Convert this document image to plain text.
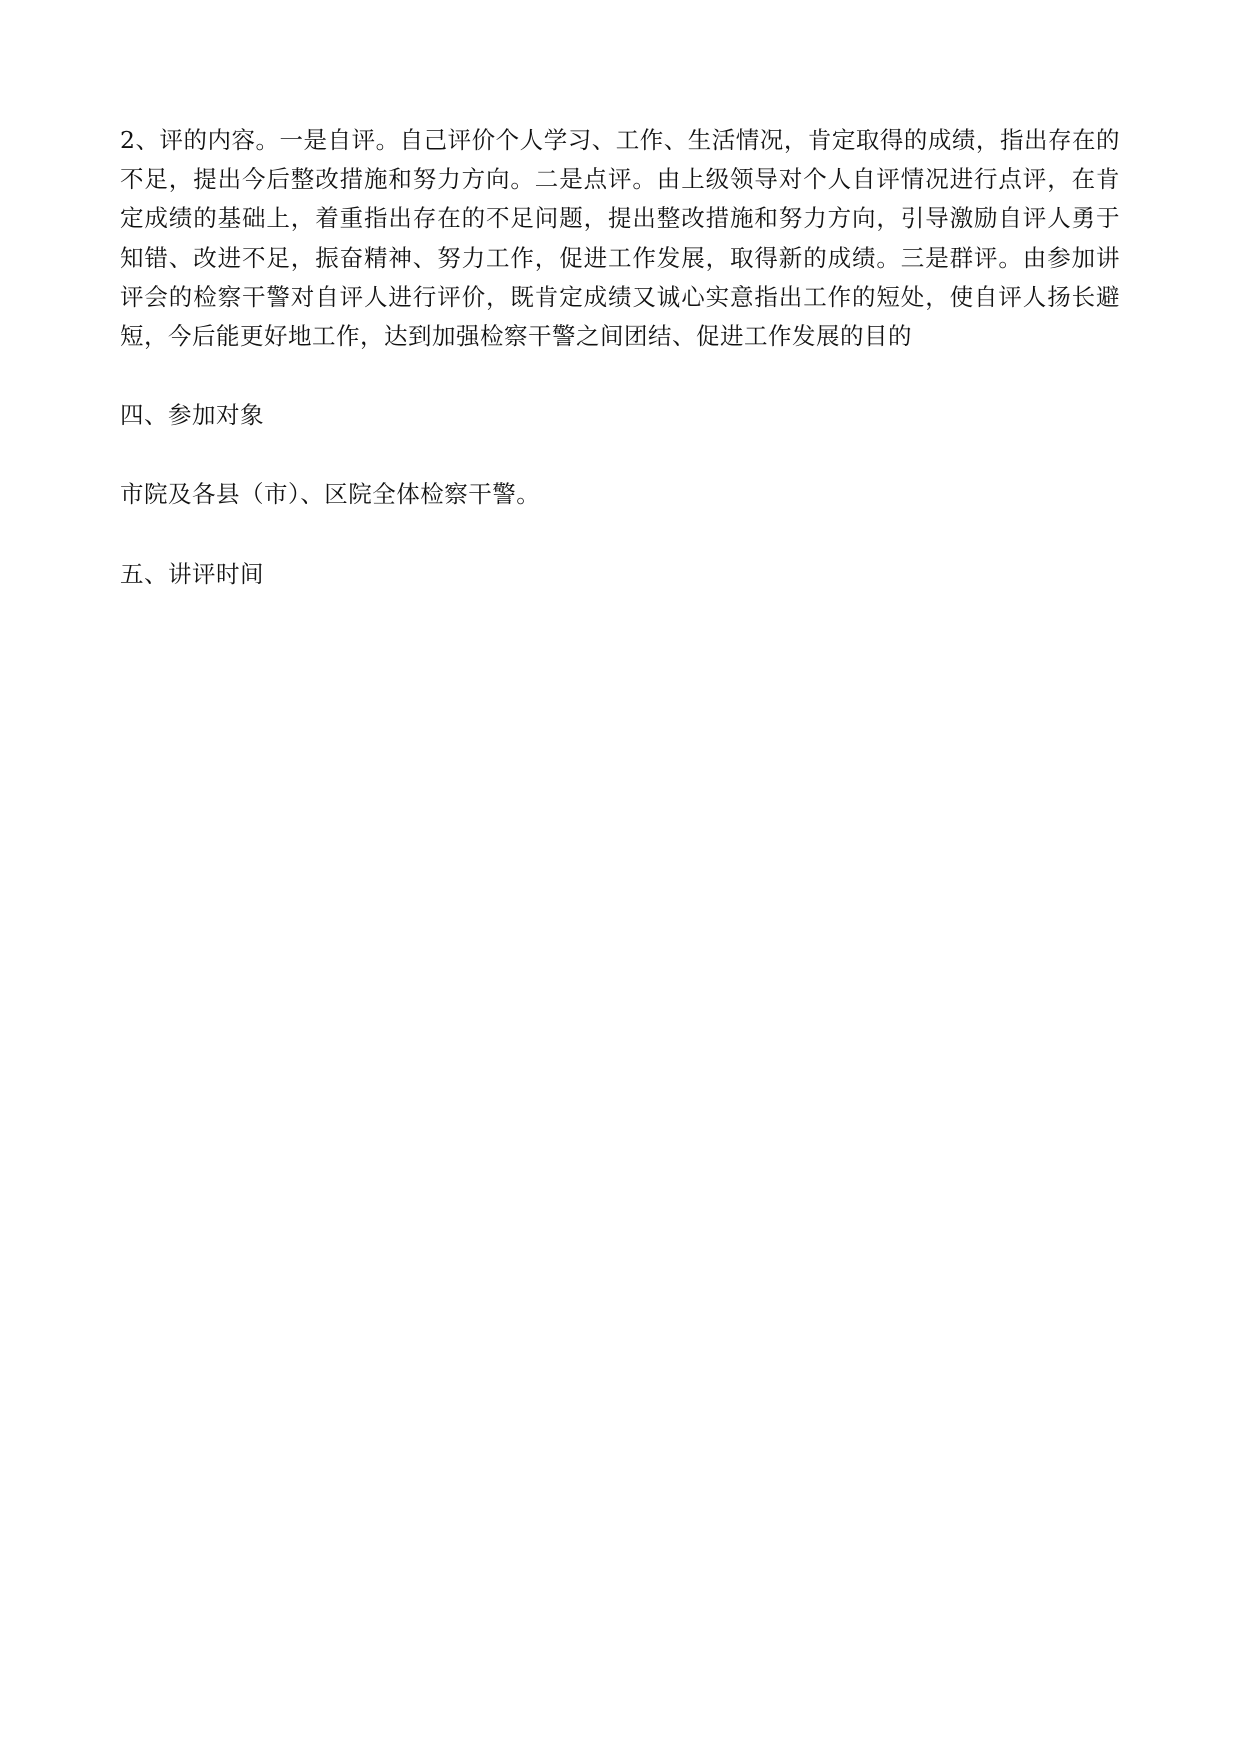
2、评的内容。一是自评。自己评价个人学习、工作、生活情况，肯定取得的成绩，指出存在的不足，提出今后整改措施和努力方向。二是点评。由上级领导对个人自评情况进行点评，在肯定成绩的基础上，着重指出存在的不足问题，提出整改措施和努力方向，引导激励自评人勇于知错、改进不足，振奋精神、努力工作，促进工作发展，取得新的成绩。三是群评。由参加讲评会的检察干警对自评人进行评价，既肯定成绩又诚心实意指出工作的短处，使自评人扬长避短，今后能更好地工作，达到加强检察干警之间团结、促进工作发展的目的

四、参加对象

市院及各县（市）、区院全体检察干警。

五、讲评时间
